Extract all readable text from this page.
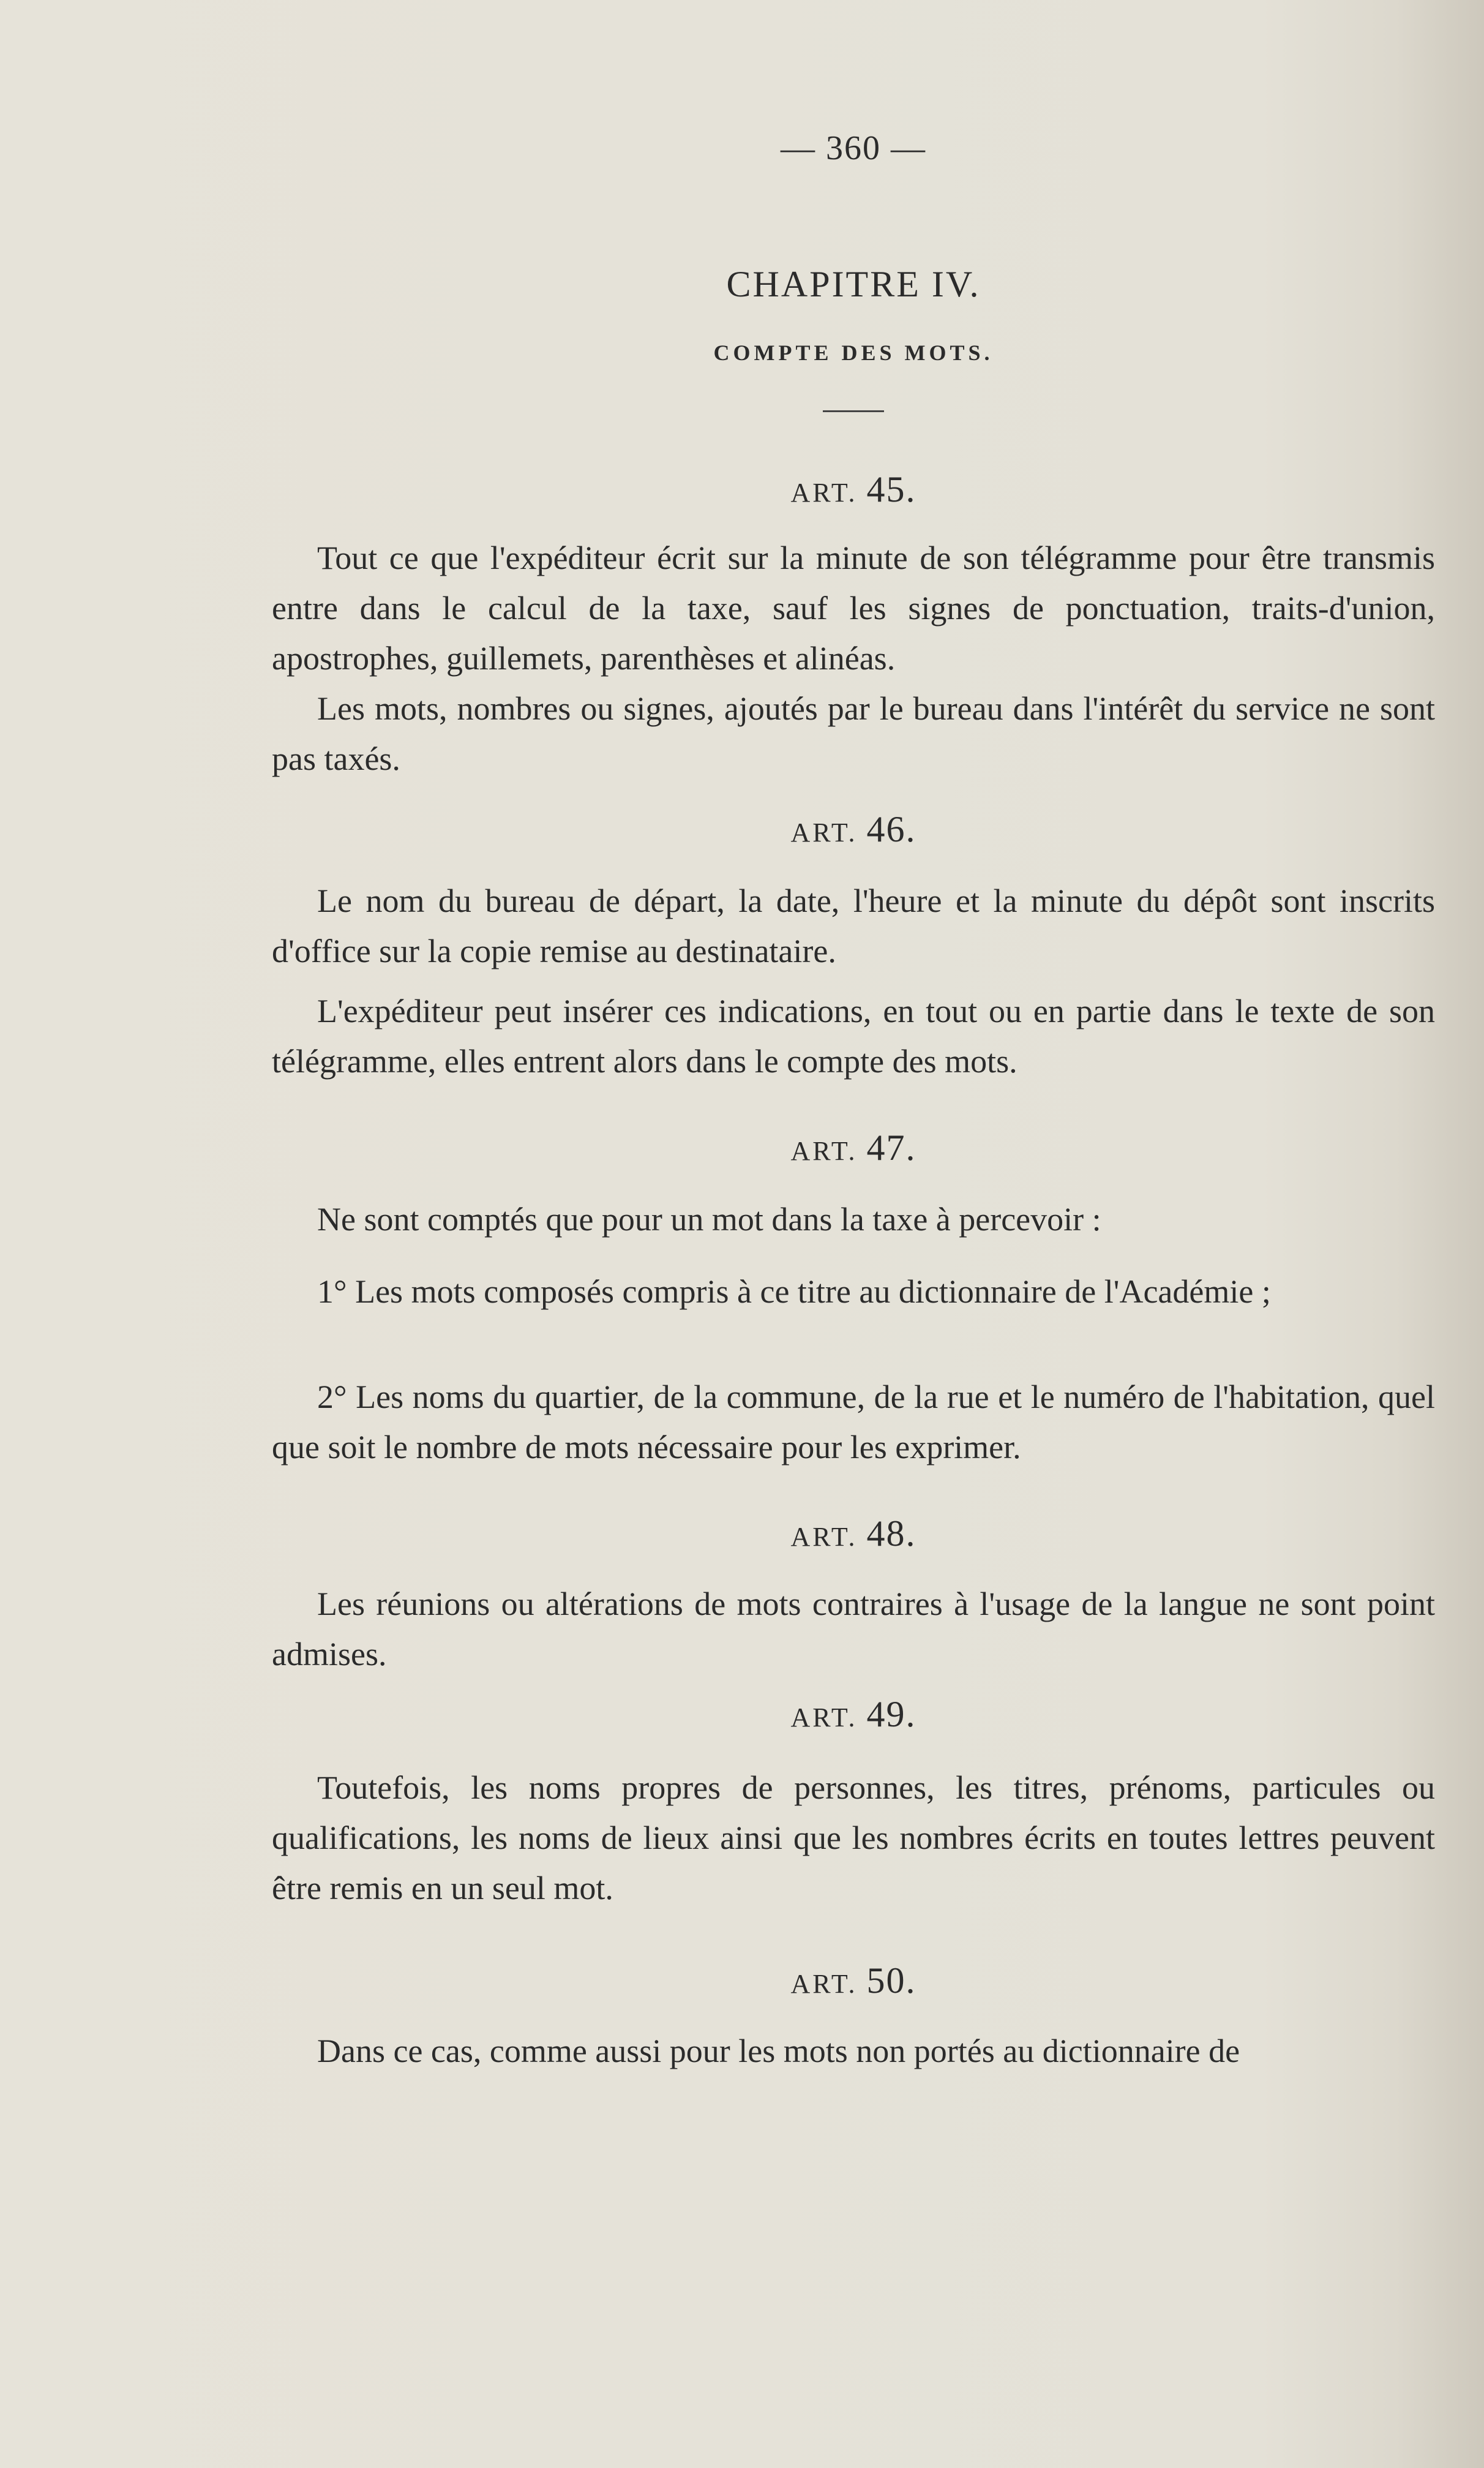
— 360 —
CHAPITRE IV.
COMPTE DES MOTS.
ART. 45.
Tout ce que l'expéditeur écrit sur la minute de son télégramme pour être transmis entre dans le calcul de la taxe, sauf les signes de ponctuation, traits-d'union, apostrophes, guillemets, parenthèses et alinéas.
Les mots, nombres ou signes, ajoutés par le bureau dans l'intérêt du service ne sont pas taxés.
ART. 46.
Le nom du bureau de départ, la date, l'heure et la minute du dépôt sont inscrits d'office sur la copie remise au destinataire.
L'expéditeur peut insérer ces indications, en tout ou en partie dans le texte de son télégramme, elles entrent alors dans le compte des mots.
ART. 47.
Ne sont comptés que pour un mot dans la taxe à percevoir :
1° Les mots composés compris à ce titre au dictionnaire de l'Académie ;
2° Les noms du quartier, de la commune, de la rue et le numéro de l'habitation, quel que soit le nombre de mots nécessaire pour les exprimer.
ART. 48.
Les réunions ou altérations de mots contraires à l'usage de la langue ne sont point admises.
ART. 49.
Toutefois, les noms propres de personnes, les titres, prénoms, particules ou qualifications, les noms de lieux ainsi que les nombres écrits en toutes lettres peuvent être remis en un seul mot.
ART. 50.
Dans ce cas, comme aussi pour les mots non portés au dictionnaire de
